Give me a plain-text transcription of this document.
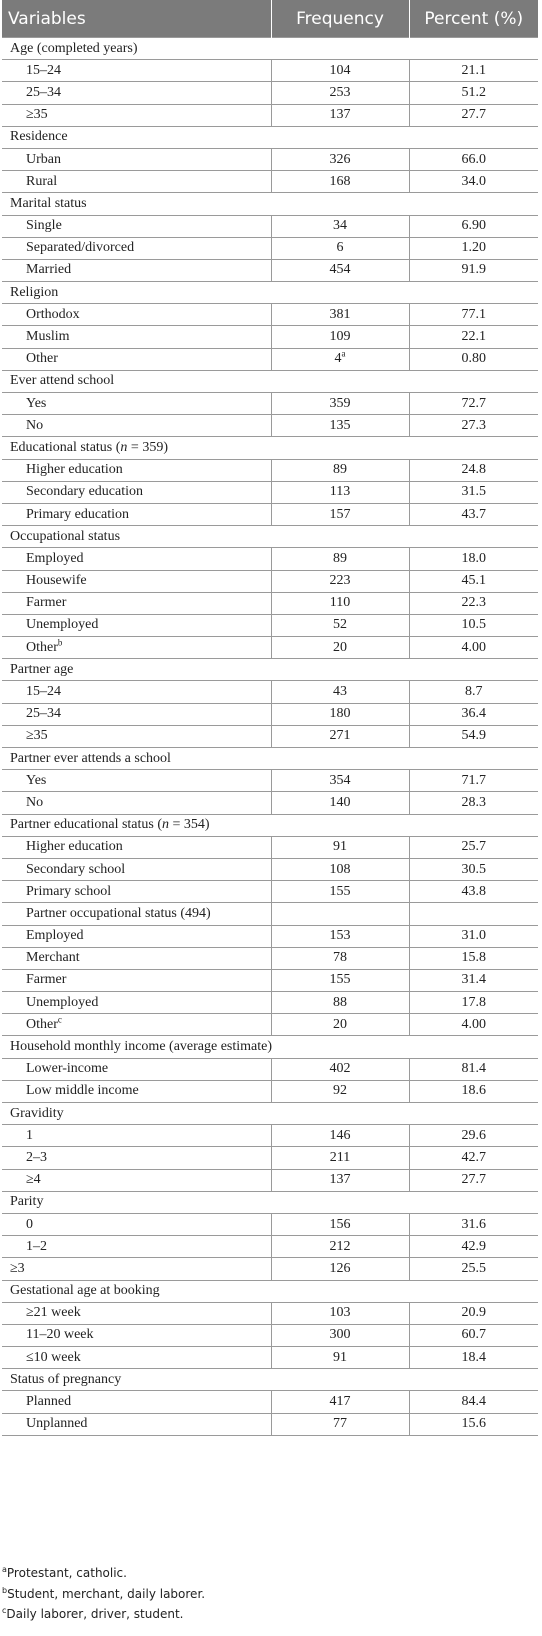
Variables	Frequency	Percent (%)
Age (completed years)		
15–24	104	21.1
25–34	253	51.2
≥35	137	27.7
Residence		
Urban	326	66.0
Rural	168	34.0
Marital status		
Single	34	6.90
Separated/divorced	6	1.20
Married	454	91.9
Religion		
Orthodox	381	77.1
Muslim	109	22.1
Other	4$^a$	0.80
Ever attend school		
Yes	359	72.7
No	135	27.3
Educational status (n = 359)		
Higher education	89	24.8
Secondary education	113	31.5
Primary education	157	43.7
Occupational status		
Employed	89	18.0
Housewife	223	45.1
Farmer	110	22.3
Unemployed	52	10.5
Other$^b$	20	4.00
Partner age		
15–24	43	8.7
25–34	180	36.4
≥35	271	54.9
Partner ever attends a school		
Yes	354	71.7
No	140	28.3
Partner educational status (n = 354)		
Higher education	91	25.7
Secondary school	108	30.5
Primary school	155	43.8
Partner occupational status (494)		
Employed	153	31.0
Merchant	78	15.8
Farmer	155	31.4
Unemployed	88	17.8
Other$^c$	20	4.00
Household monthly income (average estimate)		
Lower-income	402	81.4
Low middle income	92	18.6
Gravidity		
1	146	29.6
2–3	211	42.7
≥4	137	27.7
Parity		
0	156	31.6
1–2	212	42.9
≥3	126	25.5
Gestational age at booking		
≥21 week	103	20.9
11–20 week	300	60.7
≤10 week	91	18.4
Status of pregnancy		
Planned	417	84.4
Unplanned	77	15.6
$^a$Protestant, catholic.
$^b$Student, merchant, daily laborer.
$^c$Daily laborer, driver, student.
